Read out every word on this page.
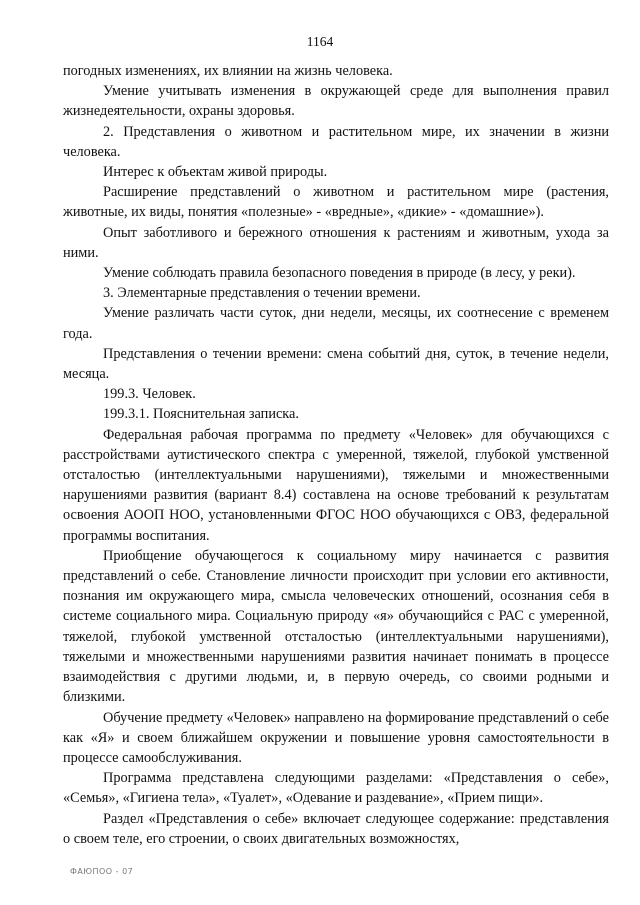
1164

погодных изменениях, их влиянии на жизнь человека.

Умение учитывать изменения в окружающей среде для выполнения правил жизнедеятельности, охраны здоровья.

2. Представления о животном и растительном мире, их значении в жизни человека.

Интерес к объектам живой природы.

Расширение представлений о животном и растительном мире (растения, животные, их виды, понятия «полезные» - «вредные», «дикие» - «домашние»).

Опыт заботливого и бережного отношения к растениям и животным, ухода за ними.

Умение соблюдать правила безопасного поведения в природе (в лесу, у реки).

3. Элементарные представления о течении времени.

Умение различать части суток, дни недели, месяцы, их соотнесение с временем года.

Представления о течении времени: смена событий дня, суток, в течение недели, месяца.

199.3. Человек.

199.3.1. Пояснительная записка.

Федеральная рабочая программа по предмету «Человек» для обучающихся с расстройствами аутистического спектра с умеренной, тяжелой, глубокой умственной отсталостью (интеллектуальными нарушениями), тяжелыми и множественными нарушениями развития (вариант 8.4) составлена на основе требований к результатам освоения АООП НОО, установленными ФГОС НОО обучающихся с ОВЗ, федеральной программы воспитания.

Приобщение обучающегося к социальному миру начинается с развития представлений о себе. Становление личности происходит при условии его активности, познания им окружающего мира, смысла человеческих отношений, осознания себя в системе социального мира. Социальную природу «я» обучающийся с РАС с умеренной, тяжелой, глубокой умственной отсталостью (интеллектуальными нарушениями), тяжелыми и множественными нарушениями развития начинает понимать в процессе взаимодействия с другими людьми, и, в первую очередь, со своими родными и близкими.

Обучение предмету «Человек» направлено на формирование представлений о себе как «Я» и своем ближайшем окружении и повышение уровня самостоятельности в процессе самообслуживания.

Программа представлена следующими разделами: «Представления о себе», «Семья», «Гигиена тела», «Туалет», «Одевание и раздевание», «Прием пищи».

Раздел «Представления о себе» включает следующее содержание: представления о своем теле, его строении, о своих двигательных возможностях,

ФАЮПОО - 07
